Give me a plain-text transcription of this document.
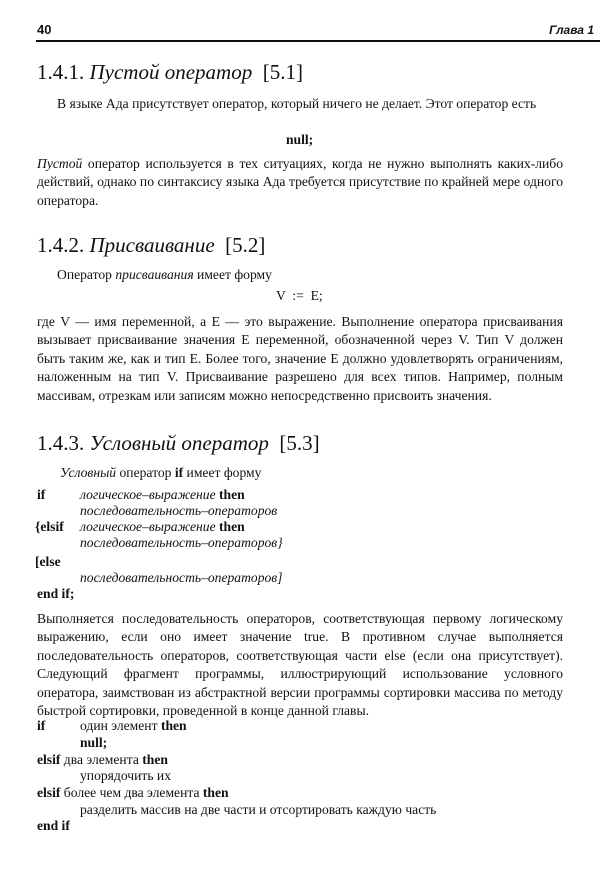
40	Глава 1
1.4.1. Пустой оператор [5.1]
В языке Ада присутствует оператор, который ничего не делает. Этот оператор есть
null;
Пустой оператор используется в тех ситуациях, когда не нужно выполнять каких-либо действий, однако по синтаксису языка Ада требуется присутствие по крайней мере одного оператора.
1.4.2. Присваивание [5.2]
Оператор присваивания имеет форму
V  :=  E;
где V — имя переменной, а E — это выражение. Выполнение оператора присваивания вызывает присваивание значения E переменной, обозначенной через V. Тип V должен быть таким же, как и тип E. Более того, значение E должно удовлетворять ограничениям, наложенным на тип V. Присваивание разрешено для всех типов. Например, полным массивам, отрезкам или записям можно непосредственно присвоить значения.
1.4.3. Условный оператор [5.3]
Условный оператор if имеет форму
if	логическое–выражение then
последовательность–операторов
{elsif логическое–выражение then
последовательность–операторов}
[else
последовательность–операторов]
end if;
Выполняется последовательность операторов, соответствующая первому логическому выражению, если оно имеет значение true. В противном случае выполняется последовательность операторов, соответствующая части else (если она присутствует). Следующий фрагмент программы, иллюстрирующий использование условного оператора, заимствован из абстрактной версии программы сортировки массива по методу быстрой сортировки, проведенной в конце данной главы.
if	один элемент then
null;
elsif два элемента then
упорядочить их
elsif более чем два элемента then
разделить массив на две части и отсортировать каждую часть
end if
